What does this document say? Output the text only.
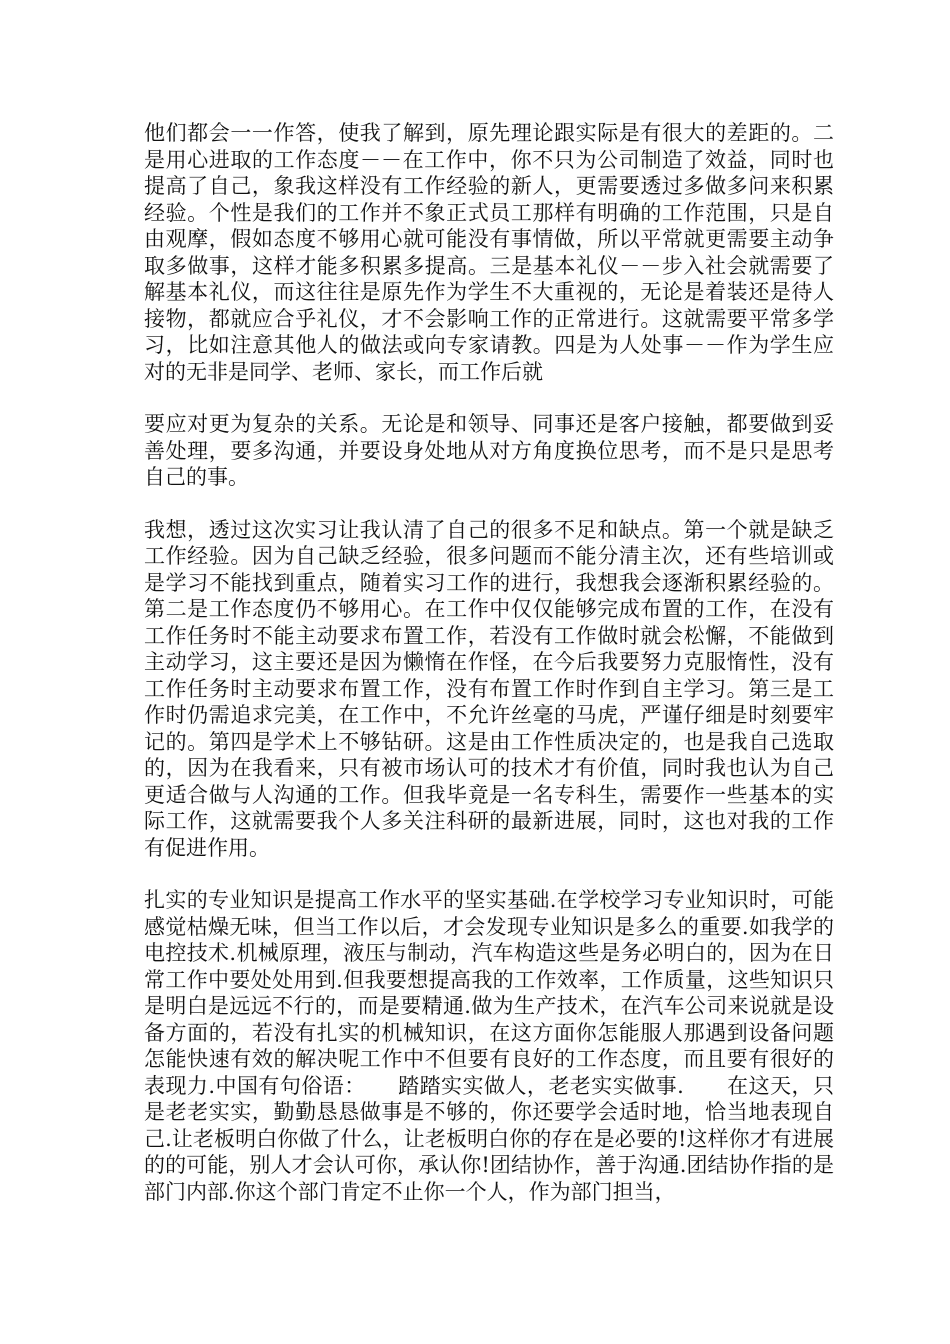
他们都会一一作答，使我了解到，原先理论跟实际是有很大的差距的。二是用心进取的工作态度－－在工作中，你不只为公司制造了效益，同时也提高了自己，象我这样没有工作经验的新人，更需要透过多做多问来积累经验。个性是我们的工作并不象正式员工那样有明确的工作范围，只是自由观摩，假如态度不够用心就可能没有事情做，所以平常就更需要主动争取多做事，这样才能多积累多提高。三是基本礼仪－－步入社会就需要了解基本礼仪，而这往往是原先作为学生不大重视的，无论是着装还是待人接物，都就应合乎礼仪，才不会影响工作的正常进行。这就需要平常多学习，比如注意其他人的做法或向专家请教。四是为人处事－－作为学生应对的无非是同学、老师、家长，而工作后就

要应对更为复杂的关系。无论是和领导、同事还是客户接触，都要做到妥善处理，要多沟通，并要设身处地从对方角度换位思考，而不是只是思考自己的事。

我想，透过这次实习让我认清了自己的很多不足和缺点。第一个就是缺乏工作经验。因为自己缺乏经验，很多问题而不能分清主次，还有些培训或是学习不能找到重点，随着实习工作的进行，我想我会逐渐积累经验的。第二是工作态度仍不够用心。在工作中仅仅能够完成布置的工作，在没有工作任务时不能主动要求布置工作，若没有工作做时就会松懈，不能做到主动学习，这主要还是因为懒惰在作怪，在今后我要努力克服惰性，没有工作任务时主动要求布置工作，没有布置工作时作到自主学习。第三是工作时仍需追求完美，在工作中，不允许丝毫的马虎，严谨仔细是时刻要牢记的。第四是学术上不够钻研。这是由工作性质决定的，也是我自己选取的，因为在我看来，只有被市场认可的技术才有价值，同时我也认为自己更适合做与人沟通的工作。但我毕竟是一名专科生，需要作一些基本的实际工作，这就需要我个人多关注科研的最新进展，同时，这也对我的工作有促进作用。

扎实的专业知识是提高工作水平的坚实基础.在学校学习专业知识时，可能感觉枯燥无味，但当工作以后，才会发现专业知识是多么的重要.如我学的电控技术.机械原理，液压与制动，汽车构造这些是务必明白的，因为在日常工作中要处处用到.但我要想提高我的工作效率，工作质量，这些知识只是明白是远远不行的，而是要精通.做为生产技术，在汽车公司来说就是设备方面的，若没有扎实的机械知识，在这方面你怎能服人那遇到设备问题怎能快速有效的解决呢工作中不但要有良好的工作态度，而且要有很好的表现力.中国有句俗语：　　踏踏实实做人，老老实实做事.　　在这天，只是老老实实，勤勤恳恳做事是不够的，你还要学会适时地，恰当地表现自己.让老板明白你做了什么，让老板明白你的存在是必要的!这样你才有进展的的可能，别人才会认可你，承认你!团结协作，善于沟通.团结协作指的是部门内部.你这个部门肯定不止你一个人，作为部门担当，
